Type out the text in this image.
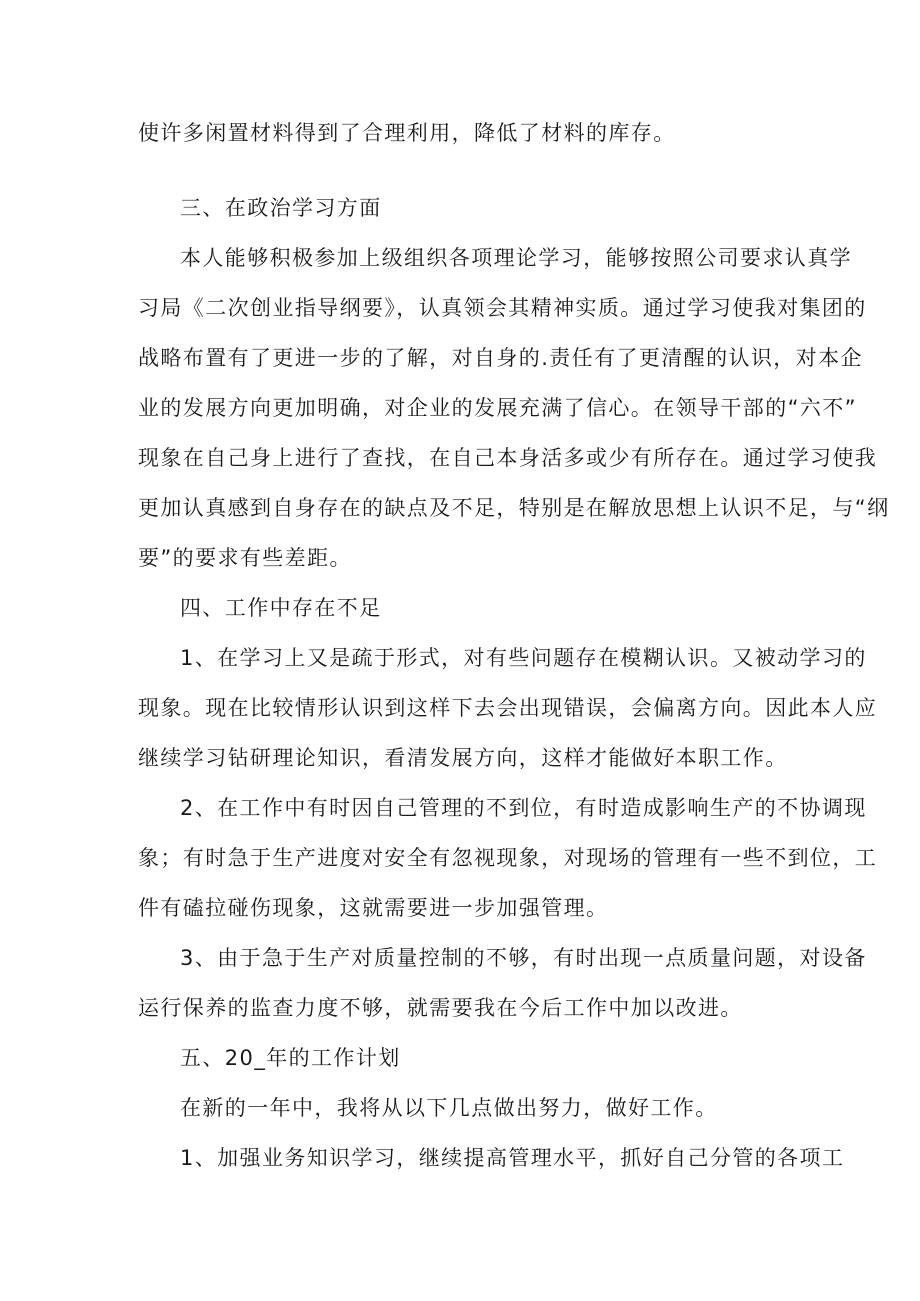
使许多闲置材料得到了合理利用，降低了材料的库存。
三、在政治学习方面
本人能够积极参加上级组织各项理论学习，能够按照公司要求认真学
习局《二次创业指导纲要》，认真领会其精神实质。通过学习使我对集团的
战略布置有了更进一步的了解，对自身的.责任有了更清醒的认识，对本企
业的发展方向更加明确，对企业的发展充满了信心。在领导干部的“六不”
现象在自己身上进行了查找，在自己本身活多或少有所存在。通过学习使我
更加认真感到自身存在的缺点及不足，特别是在解放思想上认识不足，与“纲
要”的要求有些差距。
四、工作中存在不足
1、在学习上又是疏于形式，对有些问题存在模糊认识。又被动学习的
现象。现在比较情形认识到这样下去会出现错误，会偏离方向。因此本人应
继续学习钻研理论知识，看清发展方向，这样才能做好本职工作。
2、在工作中有时因自己管理的不到位，有时造成影响生产的不协调现
象；有时急于生产进度对安全有忽视现象，对现场的管理有一些不到位，工
件有磕拉碰伤现象，这就需要进一步加强管理。
3、由于急于生产对质量控制的不够，有时出现一点质量问题，对设备
运行保养的监查力度不够，就需要我在今后工作中加以改进。
五、20_年的工作计划
在新的一年中，我将从以下几点做出努力，做好工作。
1、加强业务知识学习，继续提高管理水平，抓好自己分管的各项工
